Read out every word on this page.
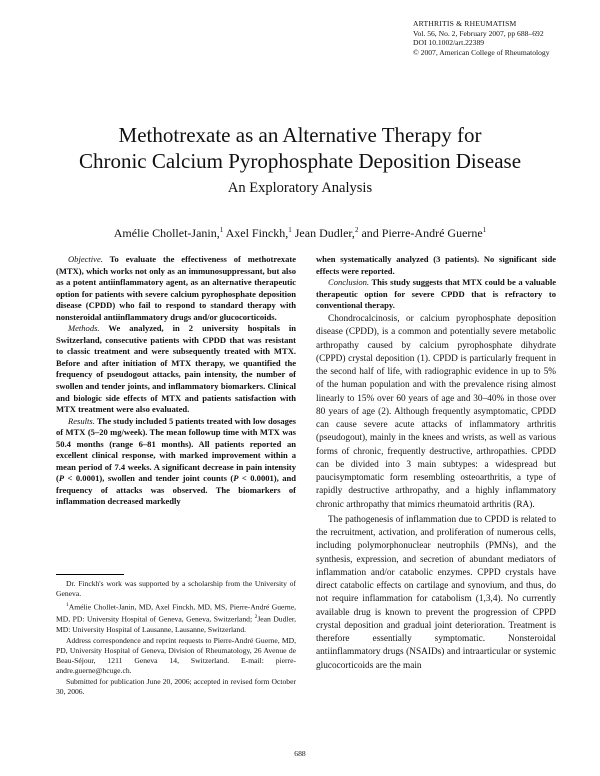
ARTHRITIS & RHEUMATISM
Vol. 56, No. 2, February 2007, pp 688–692
DOI 10.1002/art.22389
© 2007, American College of Rheumatology
Methotrexate as an Alternative Therapy for
Chronic Calcium Pyrophosphate Deposition Disease
An Exploratory Analysis
Amélie Chollet-Janin,$^1$ Axel Finckh,$^1$ Jean Dudler,$^2$ and Pierre-André Guerne$^1$

Objective. To evaluate the effectiveness of methotrexate (MTX), which works not only as an immunosuppressant, but also as a potent antiinflammatory agent, as an alternative therapeutic option for patients with severe calcium pyrophosphate deposition disease (CPDD) who fail to respond to standard therapy with nonsteroidal antiinflammatory drugs and/or glucocorticoids.

Methods. We analyzed, in 2 university hospitals in Switzerland, consecutive patients with CPDD that was resistant to classic treatment and were subsequently treated with MTX. Before and after initiation of MTX therapy, we quantified the frequency of pseudogout attacks, pain intensity, the number of swollen and tender joints, and inflammatory biomarkers. Clinical and biologic side effects of MTX and patients satisfaction with MTX treatment were also evaluated.

Results. The study included 5 patients treated with low dosages of MTX (5–20 mg/week). The mean followup time with MTX was 50.4 months (range 6–81 months). All patients reported an excellent clinical response, with marked improvement within a mean period of 7.4 weeks. A significant decrease in pain intensity (P < 0.0001), swollen and tender joint counts (P < 0.0001), and frequency of attacks was observed. The biomarkers of inflammation decreased markedly

when systematically analyzed (3 patients). No significant side effects were reported.

Conclusion. This study suggests that MTX could be a valuable therapeutic option for severe CPDD that is refractory to conventional therapy.

Chondrocalcinosis, or calcium pyrophosphate deposition disease (CPDD), is a common and potentially severe metabolic arthropathy caused by calcium pyrophosphate dihydrate (CPPD) crystal deposition (1). CPDD is particularly frequent in the second half of life, with radiographic evidence in up to 5% of the human population and with the prevalence rising almost linearly to 15% over 60 years of age and 30–40% in those over 80 years of age (2). Although frequently asymptomatic, CPDD can cause severe acute attacks of inflammatory arthritis (pseudogout), mainly in the knees and wrists, as well as various forms of chronic, frequently destructive, arthropathies. CPDD can be divided into 3 main subtypes: a widespread but paucisymptomatic form resembling osteoarthritis, a type of rapidly destructive arthropathy, and a highly inflammatory chronic arthropathy that mimics rheumatoid arthritis (RA).

The pathogenesis of inflammation due to CPDD is related to the recruitment, activation, and proliferation of numerous cells, including polymorphonuclear neutrophils (PMNs), and the synthesis, expression, and secretion of abundant mediators of inflammation and/or catabolic enzymes. CPPD crystals have direct catabolic effects on cartilage and synovium, and thus, do not require inflammation for catabolism (1,3,4). No currently available drug is known to prevent the progression of CPPD crystal deposition and gradual joint deterioration. Treatment is therefore essentially symptomatic. Nonsteroidal antiinflammatory drugs (NSAIDs) and intraarticular or systemic glucocorticoids are the main

Dr. Finckh's work was supported by a scholarship from the University of Geneva.

$^1$Amélie Chollet-Janin, MD, Axel Finckh, MD, MS, Pierre-André Guerne, MD, PD: University Hospital of Geneva, Geneva, Switzerland; $^2$Jean Dudler, MD: University Hospital of Lausanne, Lausanne, Switzerland.

Address correspondence and reprint requests to Pierre-André Guerne, MD, PD, University Hospital of Geneva, Division of Rheumatology, 26 Avenue de Beau-Séjour, 1211 Geneva 14, Switzerland. E-mail: pierre-andre.guerne@hcuge.ch.

Submitted for publication June 20, 2006; accepted in revised form October 30, 2006.

688
